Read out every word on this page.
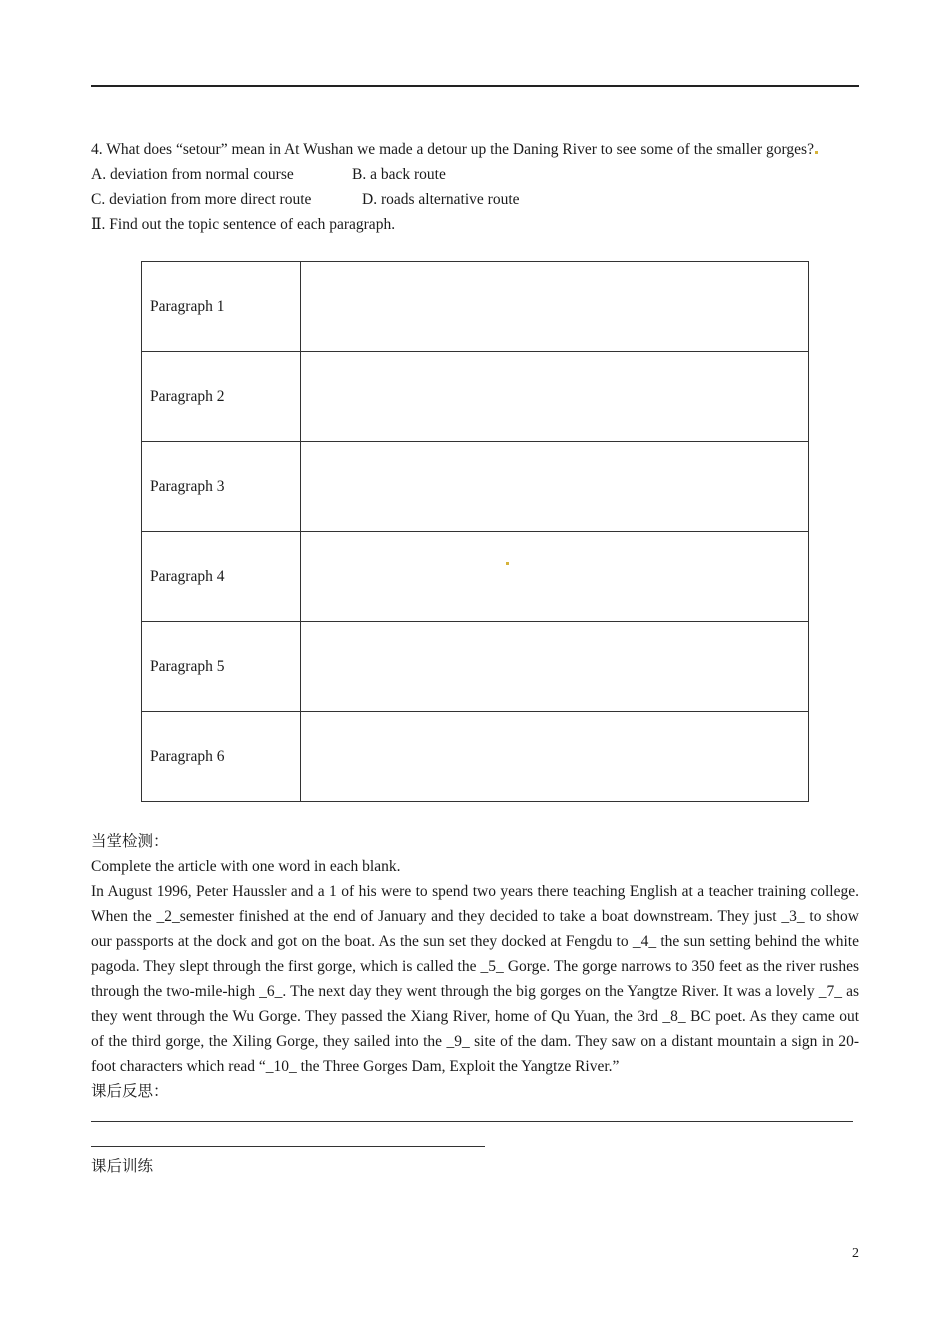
4. What does “setour” mean in At Wushan we made a detour up the Daning River to see some of the smaller gorges?

A. deviation from normal course	B. a back route
C. deviation from more direct route	D. roads alternative route

Ⅱ. Find out the topic sentence of each paragraph.

Paragraph 1	
Paragraph 2	
Paragraph 3	
Paragraph 4	

Paragraph 5	
Paragraph 6	

当堂检测：

Complete the article with one word in each blank.

In August 1996, Peter Haussler and a 1 of his were to spend two years there teaching English at a teacher training college. When the _2_semester finished at the end of January and they decided to take a boat downstream. They just _3_ to show our passports at the dock and got on the boat. As the sun set they docked at Fengdu to _4_ the sun setting behind the white pagoda. They slept through the first gorge, which is called the _5_ Gorge. The gorge narrows to 350 feet as the river rushes through the two-mile-high _6_. The next day they went through the big gorges on the Yangtze River. It was a lovely _7_ as they went through the Wu Gorge. They passed the Xiang River, home of Qu Yuan, the 3rd _8_ BC poet. As they came out of the third gorge, the Xiling Gorge, they sailed into the _9_ site of the dam. They saw on a distant mountain a sign in 20-foot characters which read “_10_ the Three Gorges Dam, Exploit the Yangtze River.”

课后反思：

课后训练

2
